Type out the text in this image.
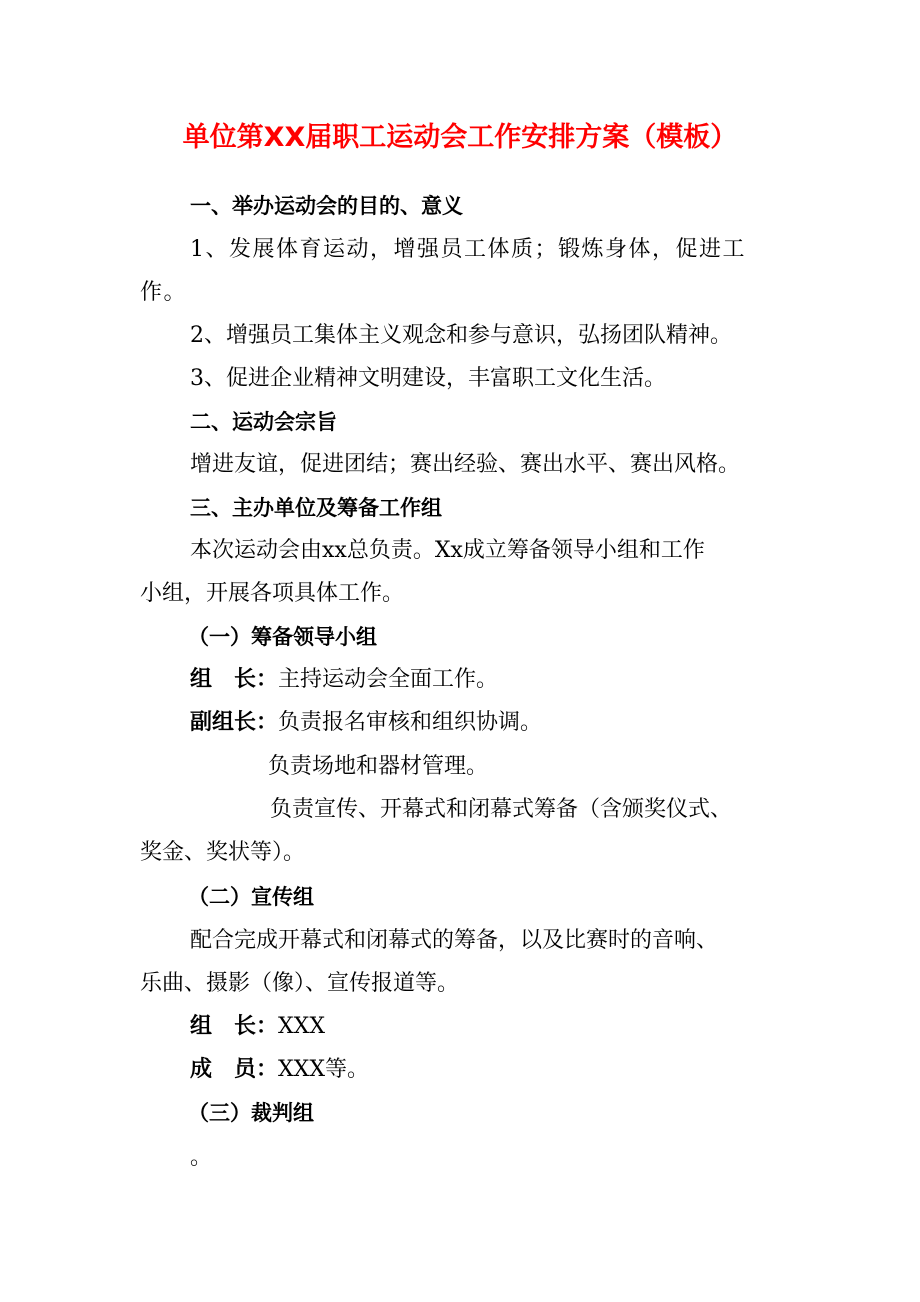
单位第XX届职工运动会工作安排方案（模板）
一、举办运动会的目的、意义
1、发展体育运动，增强员工体质；锻炼身体，促进工
作。
2、增强员工集体主义观念和参与意识，弘扬团队精神。
3、促进企业精神文明建设，丰富职工文化生活。
二、运动会宗旨
增进友谊，促进团结；赛出经验、赛出水平、赛出风格。
三、主办单位及筹备工作组
本次运动会由xx总负责。Xx成立筹备领导小组和工作
小组，开展各项具体工作。
（一）筹备领导小组
组　长：主持运动会全面工作。
副组长：负责报名审核和组织协调。
负责场地和器材管理。
负责宣传、开幕式和闭幕式筹备（含颁奖仪式、
奖金、奖状等）。
（二）宣传组
配合完成开幕式和闭幕式的筹备，以及比赛时的音响、
乐曲、摄影（像）、宣传报道等。
组　长：XXX
成　员：XXX等。
（三）裁判组
。
